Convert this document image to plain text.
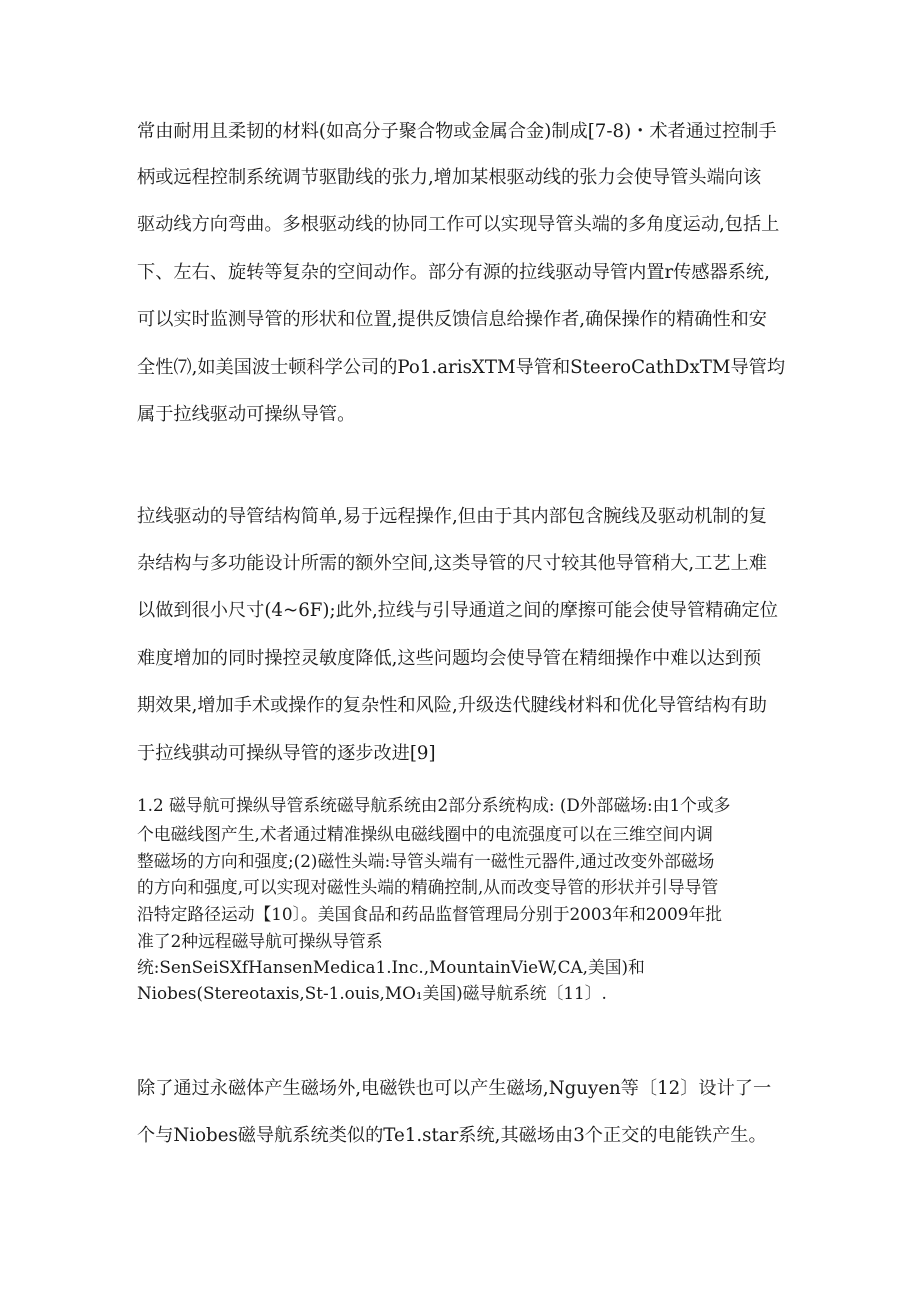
常由耐用且柔韧的材料(如高分子聚合物或金属合金)制成[7-8)・术者通过控制手
柄或远程控制系统调节驱勖线的张力,增加某根驱动线的张力会使导管头端向该
驱动线方向弯曲。多根驱动线的协同工作可以实现导管头端的多角度运动,包括上
下、左右、旋转等复杂的空间动作。部分有源的拉线驱动导管内置r传感器系统,
可以实时监测导管的形状和位置,提供反馈信息给操作者,确保操作的精确性和安
全性⑺,如美国波士顿科学公司的Po1.arisXTM导管和SteeroCathDxTM导管均
属于拉线驱动可操纵导管。
拉线驱动的导管结构简单,易于远程操作,但由于其内部包含腕线及驱动机制的复
杂结构与多功能设计所需的额外空间,这类导管的尺寸较其他导管稍大,工艺上难
以做到很小尺寸(4~6F);此外,拉线与引导通道之间的摩擦可能会使导管精确定位
难度增加的同时操控灵敏度降低,这些问题均会使导管在精细操作中难以达到预
期效果,增加手术或操作的复杂性和风险,升级迭代腱线材料和优化导管结构有助
于拉线骐动可操纵导管的逐步改进[9]
1.2 磁导航可操纵导管系统磁导航系统由2部分系统构成: (D外部磁场:由1个或多
个电磁线图产生,术者通过精准操纵电磁线圈中的电流强度可以在三维空间内调
整磁场的方向和强度;(2)磁性头端:导管头端有一磁性元器件,通过改变外部磁场
的方向和强度,可以实现对磁性头端的精确控制,从而改变导管的形状并引导导管
沿特定路径运动【10〕。美国食品和药品监督管理局分别于2003年和2009年批
准了2种远程磁导航可操纵导管系
统:SenSeiSXfHansenMedica1.Inc.,MountainVieW,CA,美国)和
Niobes(Stereotaxis,St-1.ouis,MO₁美国)磁导航系统〔11〕.
除了通过永磁体产生磁场外,电磁铁也可以产生磁场,Nguyen等〔12〕设计了一
个与Niobes磁导航系统类似的Te1.star系统,其磁场由3个正交的电能铁产生。
